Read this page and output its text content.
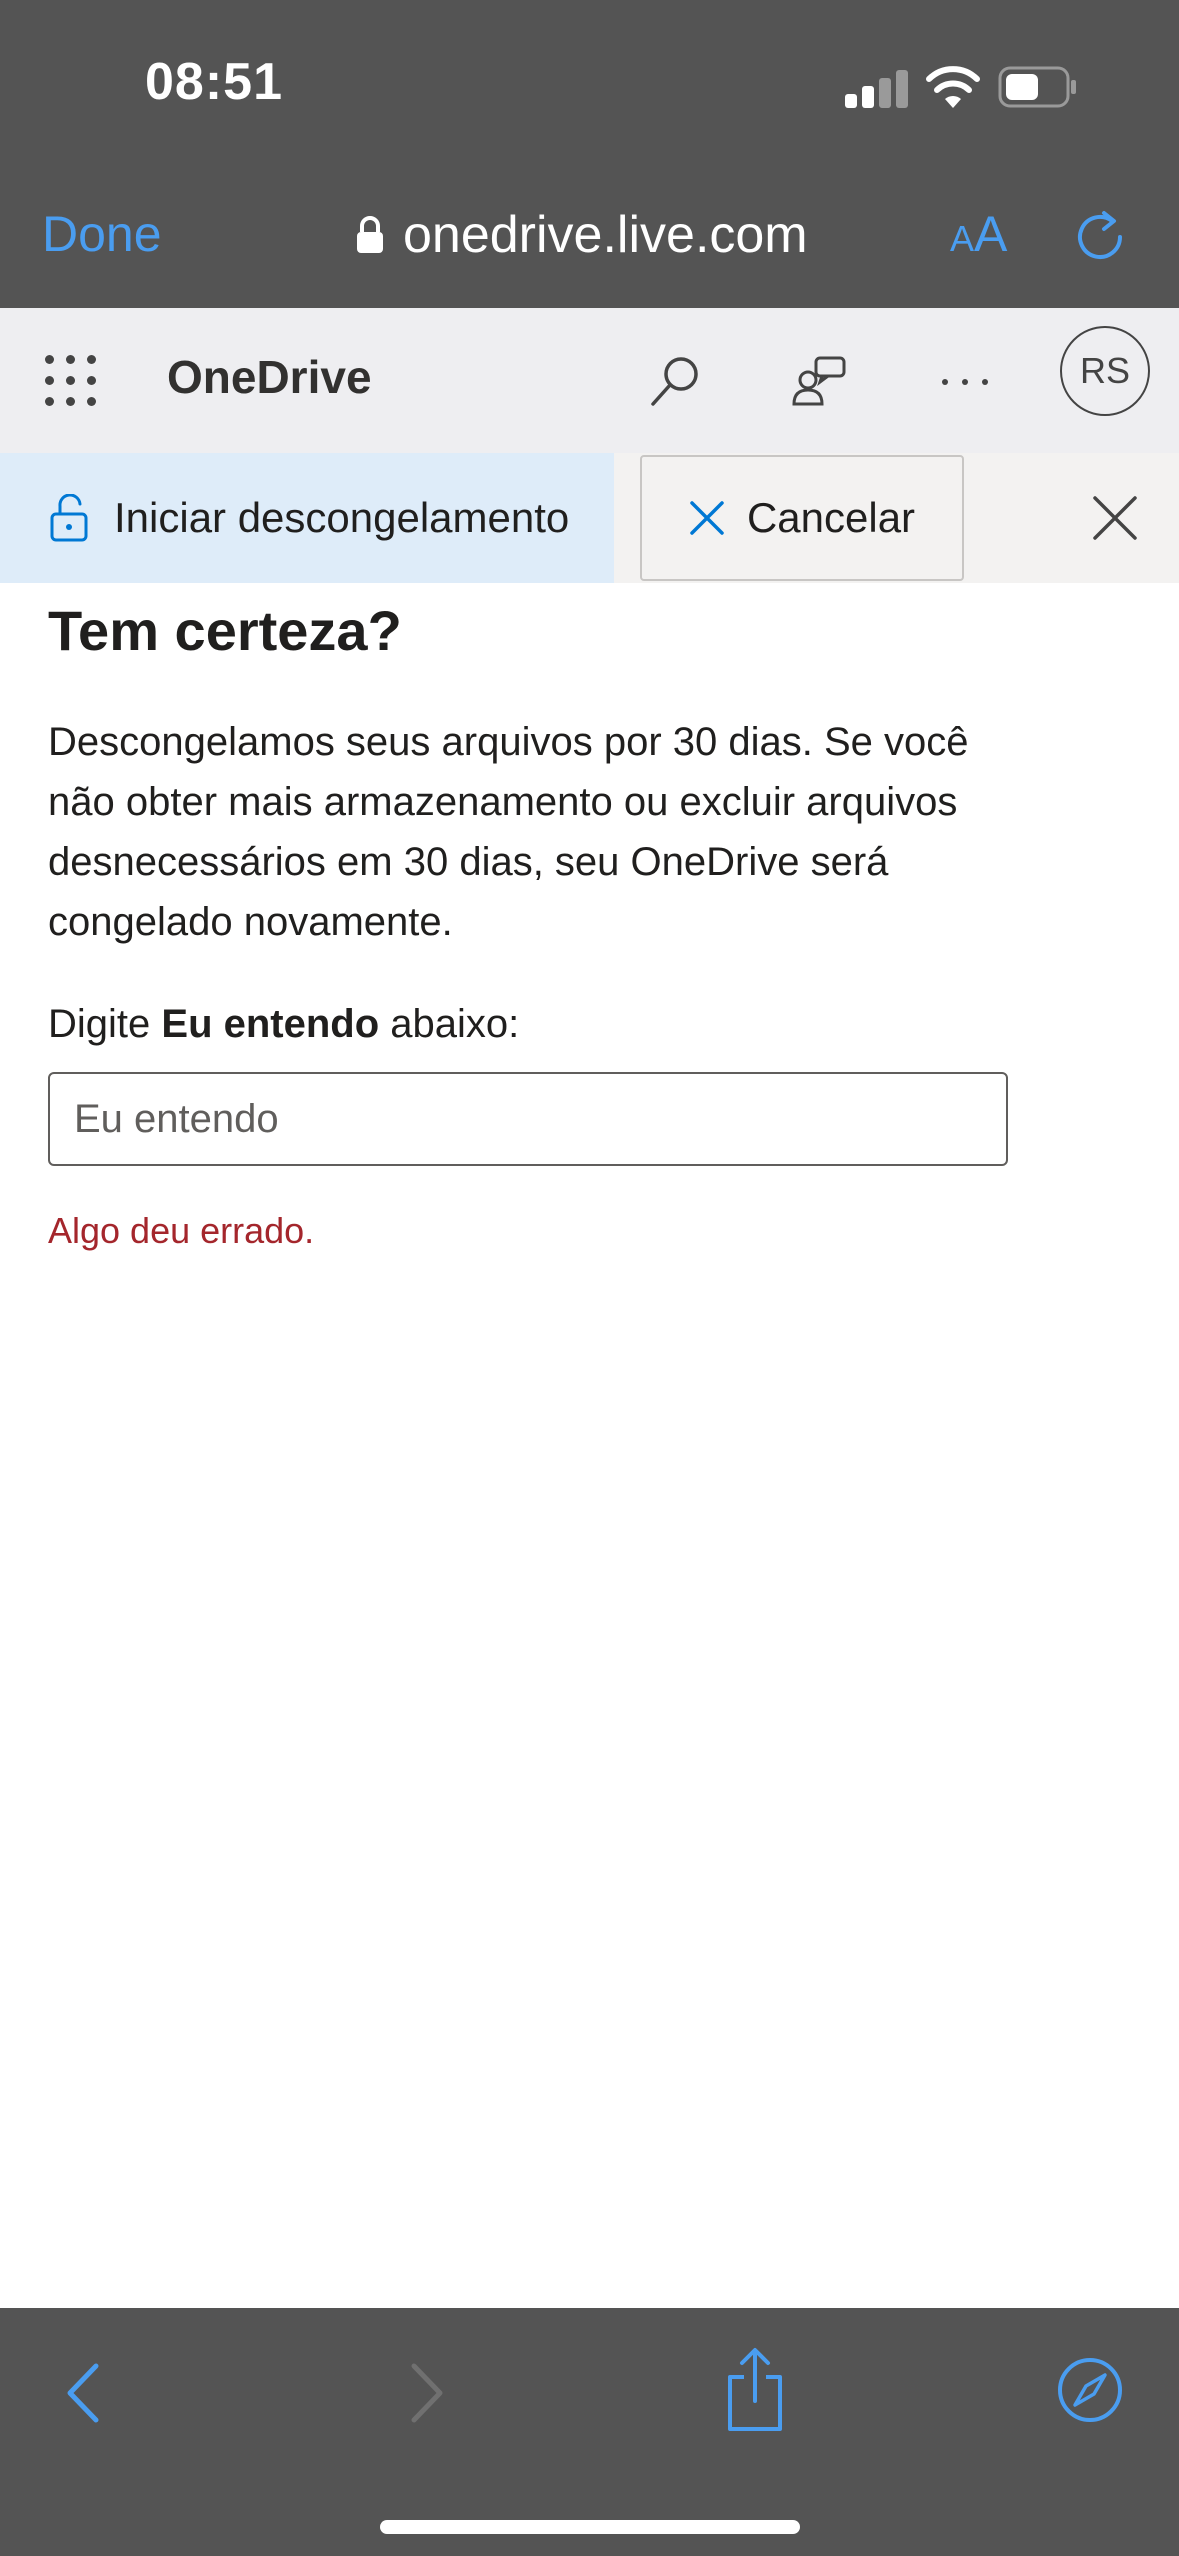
08:51
Done	onedrive.live.com	AA
OneDrive	RS
Iniciar descongelamento	Cancelar
Tem certeza?
Descongelamos seus arquivos por 30 dias. Se você não obter mais armazenamento ou excluir arquivos desnecessários em 30 dias, seu OneDrive será congelado novamente.
Digite Eu entendo abaixo:
Eu entendo
Algo deu errado.
